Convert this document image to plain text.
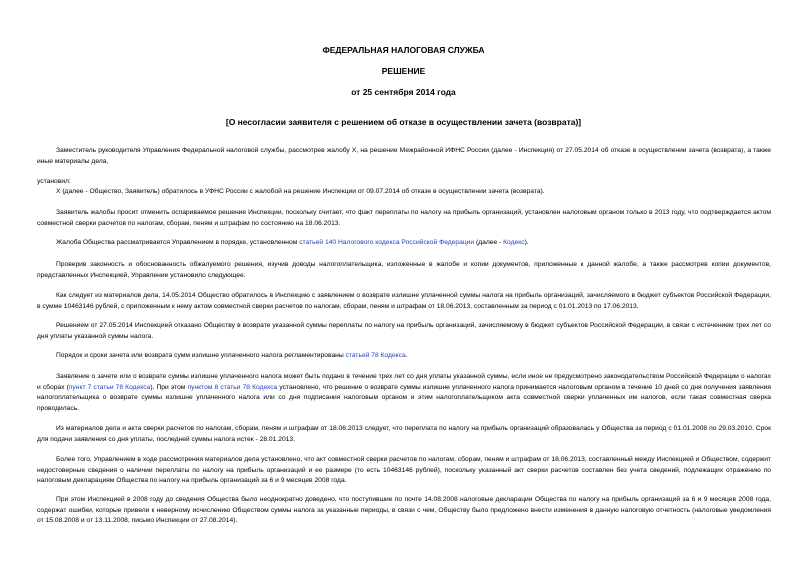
ФЕДЕРАЛЬНАЯ НАЛОГОВАЯ СЛУЖБА
РЕШЕНИЕ
от 25 сентября 2014 года
[О несогласии заявителя с решением об отказе в осуществлении зачета (возврата)]
Заместитель руководителя Управления Федеральной налоговой службы, рассмотрев жалобу Х, на решение Межрайонной ИФНС России (далее - Инспекция) от 27.05.2014 об отказе в осуществлении зачета (возврата), а также иные материалы дела,
установил:
Х (далее - Общество, Заявитель) обратилось в УФНС России с жалобой на решение Инспекции от 09.07.2014 об отказе в осуществлении зачета (возврата).
Заявитель жалобы просит отменить оспариваемое решение Инспекции, поскольку считает, что факт переплаты по налогу на прибыль организаций, установлен налоговым органом только в 2013 году, что подтверждается актом совместной сверки расчетов по налогам, сборам, пеням и штрафам по состоянию на 18.06.2013.
Жалоба Общества рассматривается Управлением в порядке, установленном статьей 140 Налогового кодекса Российской Федерации (далее - Кодекс).
Проверив законность и обоснованность обжалуемого решения, изучив доводы налогоплательщика, изложенные в жалобе и копии документов, приложенные к данной жалобе, а также рассмотрев копии документов, представленных Инспекцией, Управление установило следующее.
Как следует из материалов дела, 14.05.2014 Общество обратилось в Инспекцию с заявлением о возврате излишне уплаченной суммы налога на прибыль организаций, зачисляемого в бюджет субъектов Российской Федерации, в сумме 10463146 рублей, с приложенным к нему актом совместной сверки расчетов по налогам, сборам, пеням и штрафам от 18.06.2013, составленным за период с 01.01.2013 по 17.06.2013.
Решением от 27.05.2014 Инспекцией отказано Обществу в возврате указанной суммы переплаты по налогу на прибыль организаций, зачисляемому в бюджет субъектов Российской Федерации, в связи с истечением трех лет со дня уплаты указанной суммы налога.
Порядок и сроки зачета или возврата сумм излишне уплаченного налога регламентированы статьей 78 Кодекса.
Заявление о зачете или о возврате суммы излишне уплаченного налога может быть подано в течение трех лет со дня уплаты указанной суммы, если иное не предусмотрено законодательством Российской Федерации о налогах и сборах (пункт 7 статьи 78 Кодекса). При этом пунктом 8 статьи 78 Кодекса установлено, что решение о возврате суммы излишне уплаченного налога принимается налоговым органом в течение 10 дней со дня получения заявления налогоплательщика о возврате суммы излишне уплаченного налога или со дня подписания налоговым органом и этим налогоплательщиком акта совместной сверки уплаченных им налогов, если такая совместная сверка проводилась.
Из материалов дела и акта сверки расчетов по налогам, сборам, пеням и штрафам от 18.06.2013 следует, что переплата по налогу на прибыль организаций образовалась у Общества за период с 01.01.2008 по 29.03.2010. Срок для подачи заявления со дня уплаты, последней суммы налога истек - 28.01.2013.
Более того, Управлением в ходе рассмотрения материалов дела установлено, что акт совместной сверки расчетов по налогам, сборам, пеням и штрафам от 18.06.2013, составленный между Инспекцией и Обществом, содержит недостоверные сведения о наличии переплаты по налогу на прибыль организаций и ее размере (то есть 10463146 рублей), поскольку указанный акт сверки расчетов составлен без учета сведений, подлежащих отражению по налоговым декларациям Общества по налогу на прибыль организаций за 6 и 9 месяцев 2008 года.
При этом Инспекцией в 2008 году до сведения Общества было неоднократно доведено, что поступившие по почте 14.08.2008 налоговые декларации Общества по налогу на прибыль организаций за 6 и 9 месяцев 2008 года, содержат ошибки, которые привели к неверному исчислению Обществом суммы налога за указанные периоды, в связи с чем, Обществу было предложено внести изменения в данную налоговую отчетность (налоговые уведомления от 15.08.2008 и от 13.11.2008, письмо Инспекции от 27.08.2014).
